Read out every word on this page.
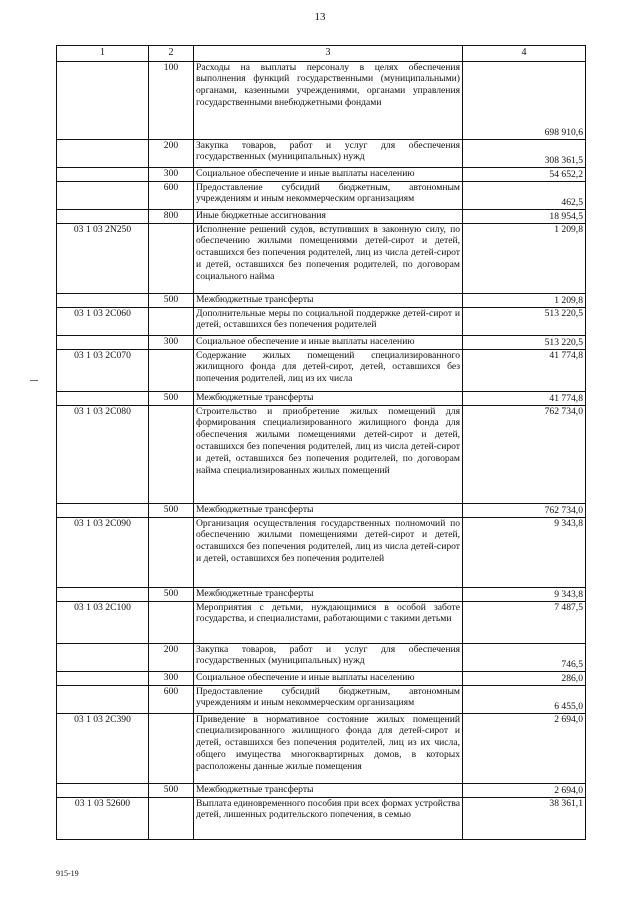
13
1	2	3	4
	100	Расходы на выплаты персоналу в целях обеспечения выполнения функций государственными (муниципальными) органами, казенными учреждениями, органами управления государственными внебюджетными фондами	698 910,6
	200	Закупка товаров, работ и услуг для обеспечения государственных (муниципальных) нужд	308 361,5
	300	Социальное обеспечение и иные выплаты населению	54 652,2
	600	Предоставление субсидий бюджетным, автономным учреждениям и иным некоммерческим организациям	462,5
	800	Иные бюджетные ассигнования	18 954,5
03 1 03 2N250		Исполнение решений судов, вступивших в законную силу, по обеспечению жилыми помещениями детей-сирот и детей, оставшихся без попечения родителей, лиц из числа детей-сирот и детей, оставшихся без попечения родителей, по договорам социального найма	1 209,8
	500	Межбюджетные трансферты	1 209,8
03 1 03 2C060		Дополнительные меры по социальной поддержке детей-сирот и детей, оставшихся без попечения родителей	513 220,5
	300	Социальное обеспечение и иные выплаты населению	513 220,5
03 1 03 2C070		Содержание жилых помещений специализированного жилищного фонда для детей-сирот, детей, оставшихся без попечения родителей, лиц из их числа	41 774,8
	500	Межбюджетные трансферты	41 774,8
03 1 03 2C080		Строительство и приобретение жилых помещений для формирования специализированного жилищного фонда для обеспечения жилыми помещениями детей-сирот и детей, оставшихся без попечения родителей, лиц из числа детей-сирот и детей, оставшихся без попечения родителей, по договорам найма специализированных жилых помещений	762 734,0
	500	Межбюджетные трансферты	762 734,0
03 1 03 2C090		Организация осуществления государственных полномочий по обеспечению жилыми помещениями детей-сирот и детей, оставшихся без попечения родителей, лиц из числа детей-сирот и детей, оставшихся без попечения родителей	9 343,8
	500	Межбюджетные трансферты	9 343,8
03 1 03 2C100		Мероприятия с детьми, нуждающимися в особой заботе государства, и специалистами, работающими с такими детьми	7 487,5
	200	Закупка товаров, работ и услуг для обеспечения государственных (муниципальных) нужд	746,5
	300	Социальное обеспечение и иные выплаты населению	286,0
	600	Предоставление субсидий бюджетным, автономным учреждениям и иным некоммерческим организациям	6 455,0
03 1 03 2C390		Приведение в нормативное состояние жилых помещений специализированного жилищного фонда для детей-сирот и детей, оставшихся без попечения родителей, лиц из их числа, общего имущества многоквартирных домов, в которых расположены данные жилые помещения	2 694,0
	500	Межбюджетные трансферты	2 694,0
03 1 03 52600		Выплата единовременного пособия при всех формах устройства детей, лишенных родительского попечения, в семью	38 361,1
915-19
